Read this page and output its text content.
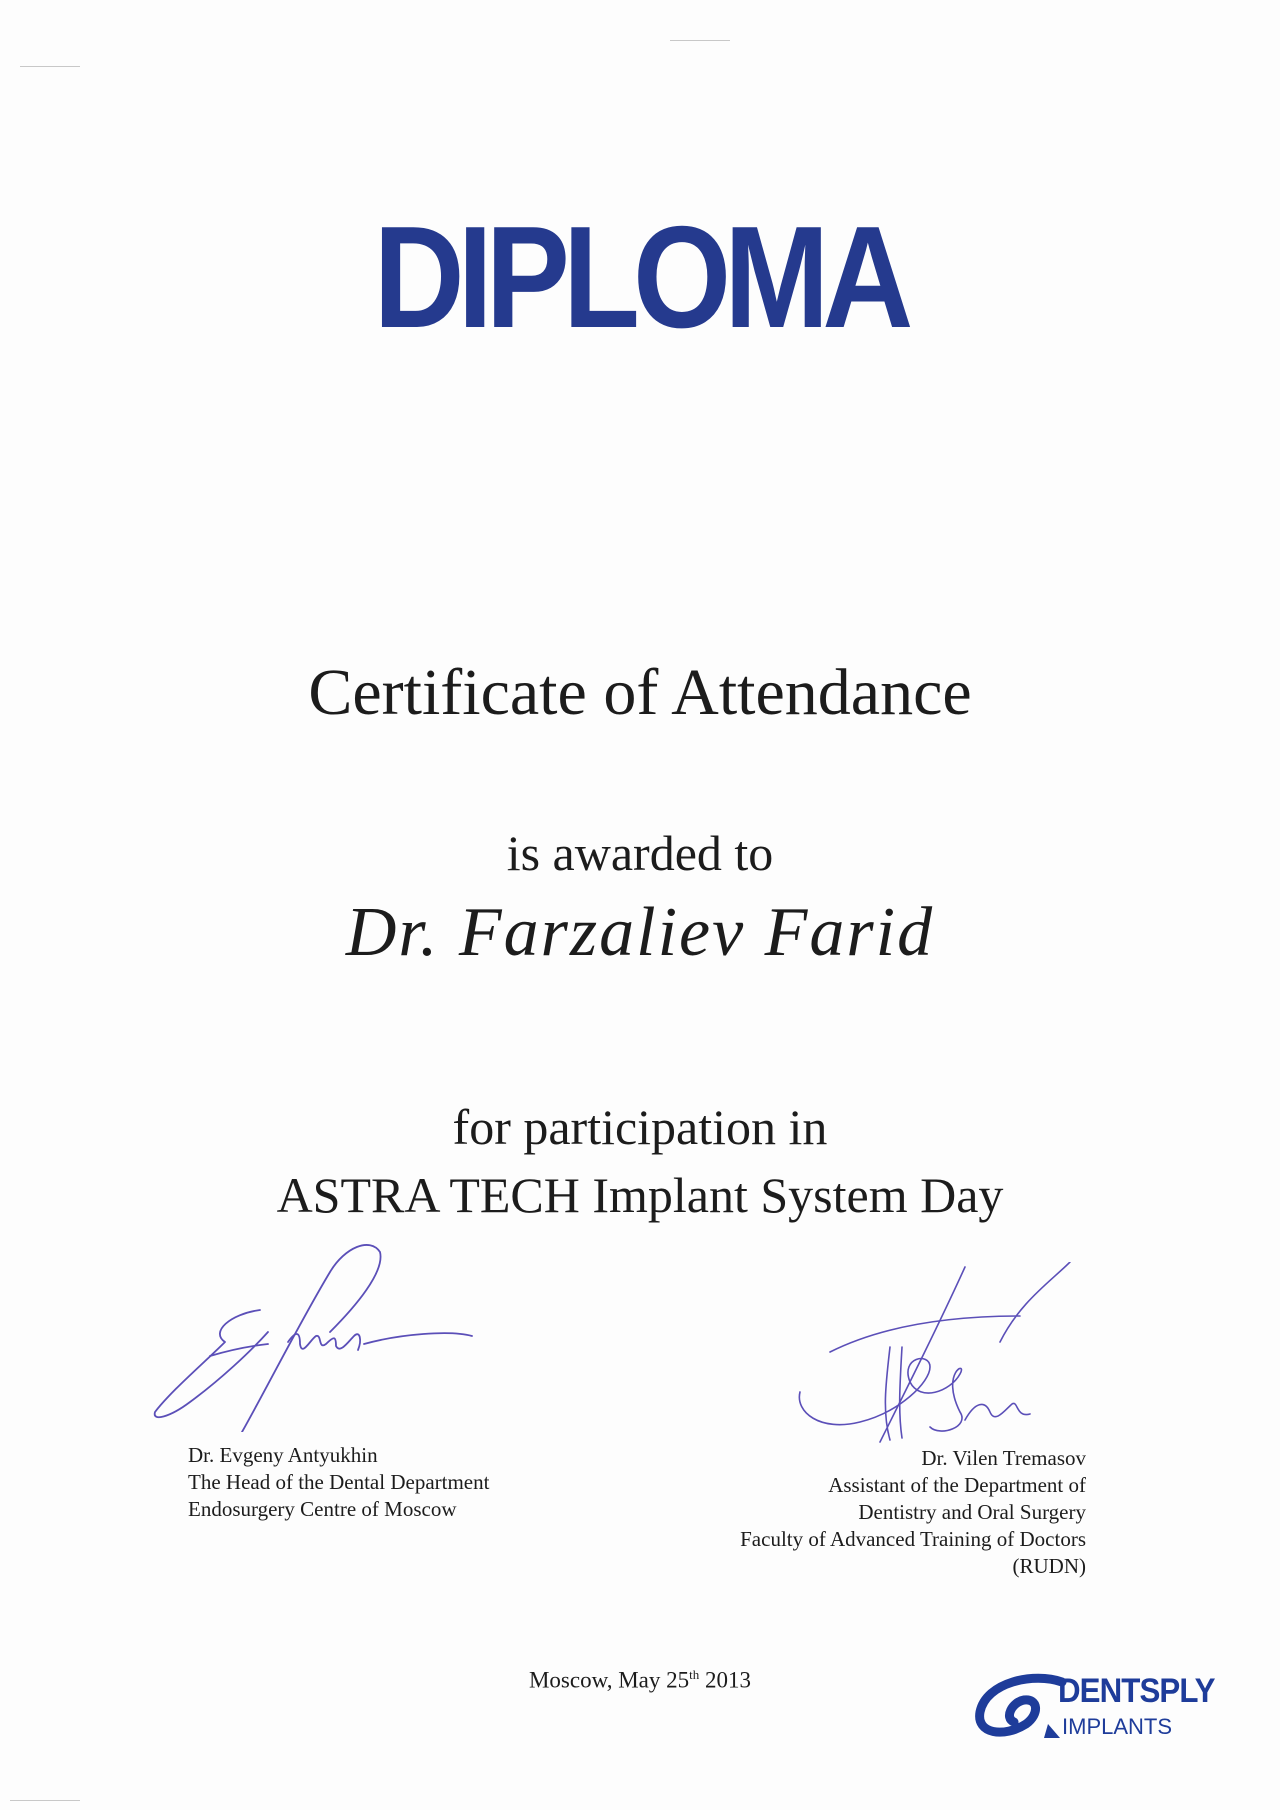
DIPLOMA
Certificate of Attendance
is awarded to
Dr. Farzaliev Farid
for participation in
ASTRA TECH Implant System Day
Dr. Evgeny Antyukhin
The Head of the Dental Department
Endosurgery Centre of Moscow
Dr. Vilen Tremasov
Assistant of the Department of
Dentistry and Oral Surgery
Faculty of Advanced Training of Doctors
(RUDN)
Moscow, May 25th 2013	DENTSPLY
IMPLANTS
